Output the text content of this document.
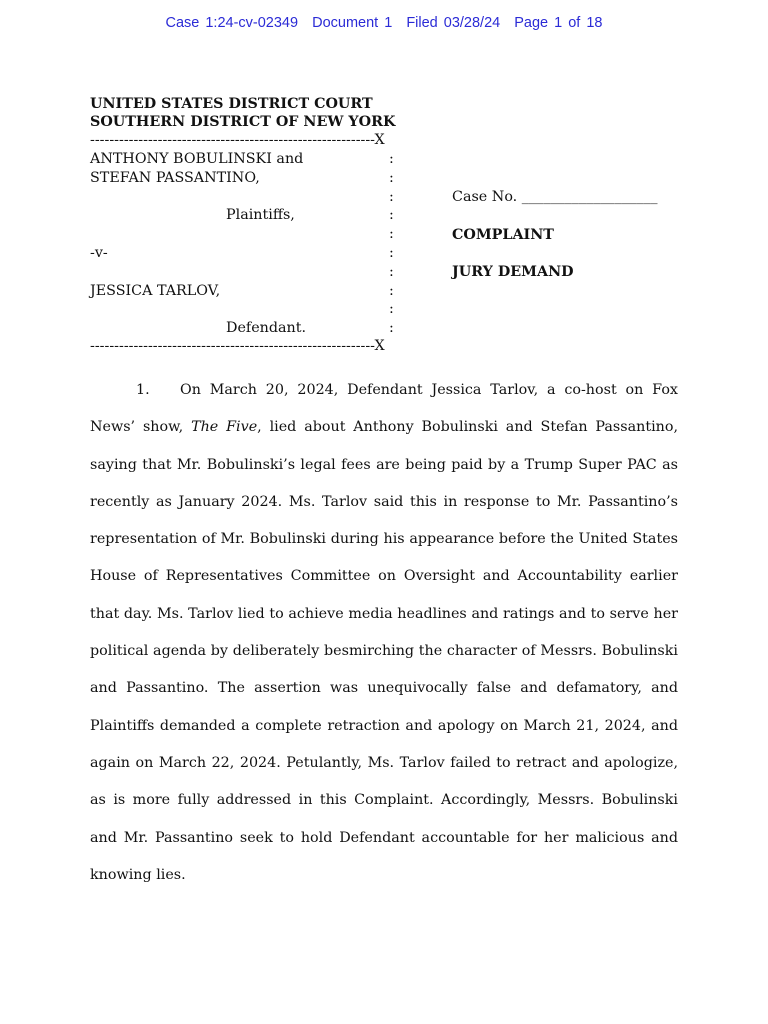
Case 1:24-cv-02349 Document 1 Filed 03/28/24 Page 1 of 18
UNITED STATES DISTRICT COURT
SOUTHERN DISTRICT OF NEW YORK
-----------------------------------------------------------X
ANTHONY BOBULINSKI and
STEFAN PASSANTINO,
Plaintiffs,
-v-
JESSICA TARLOV,
Defendant.
:
:
:
:
:
:
:
:
:
:
-----------------------------------------------------------X
Case No. ___________________
COMPLAINT
JURY DEMAND
1. On March 20, 2024, Defendant Jessica Tarlov, a co-host on Fox News’ show, The Five, lied about Anthony Bobulinski and Stefan Passantino, saying that Mr. Bobulinski’s legal fees are being paid by a Trump Super PAC as recently as January 2024. Ms. Tarlov said this in response to Mr. Passantino’s representation of Mr. Bobulinski during his appearance before the United States House of Representatives Committee on Oversight and Accountability earlier that day. Ms. Tarlov lied to achieve media headlines and ratings and to serve her political agenda by deliberately besmirching the character of Messrs. Bobulinski and Passantino. The assertion was unequivocally false and defamatory, and Plaintiffs demanded a complete retraction and apology on March 21, 2024, and again on March 22, 2024. Petulantly, Ms. Tarlov failed to retract and apologize, as is more fully addressed in this Complaint. Accordingly, Messrs. Bobulinski and Mr. Passantino seek to hold Defendant accountable for her malicious and knowing lies.
